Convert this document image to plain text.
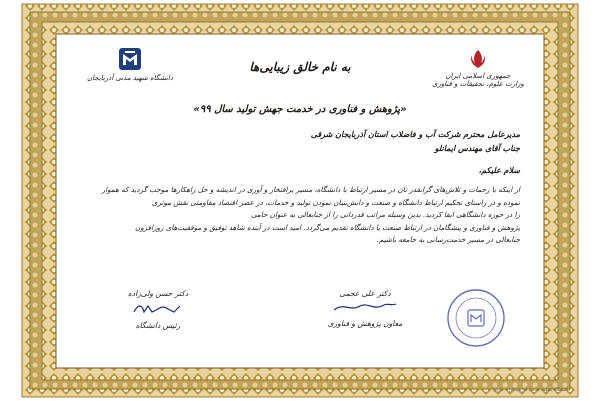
جمهوری اسلامی ایران
وزارت علوم، تحقیقات و فناوری
به نام خالق زیبایی‌ها
دانشگاه شهید مدنی آذربایجان
«پژوهش و فناوری در خدمت جهش تولید سال ۹۹»
مدیرعامل محترم شرکت آب و فاضلاب استان آذربایجان شرقی
جناب آقای مهندس ایمانلو
سلام علیکم،
از اینکه با زحمات و تلاش‌های گرانقدر تان در مسیر ارتباط با دانشگاه، مسیر پرافتخار و آوری در اندیشه و حل راهکارها موجب گردید که هموار
نموده و در راستای تحکیم ارتباط دانشگاه و صنعت و دانش‌بنیان نمودن تولید و خدمات، در عصر اقتصاد مقاومتی نقش موثری
را در حوزه دانشگاهی ایفا کردید. بدین وسیله مراتب قدردانی را از جنابعالی به عنوان حامی
پژوهش و فناوری و پیشگامان در ارتباط صنعت با دانشگاه تقدیم می‌گردد. امید است در آینده شاهد توفیق و موفقیت‌های روزافزون
جنابعالی در مسیر خدمت‌رسانی به جامعه باشیم.
دکتر علی عجمی
معاون پژوهش و فناوری
دکتر حسن ولی‌زاده
رئیس دانشگاه
دانشگاه شهید مدنی آذربایجان - تبریز
